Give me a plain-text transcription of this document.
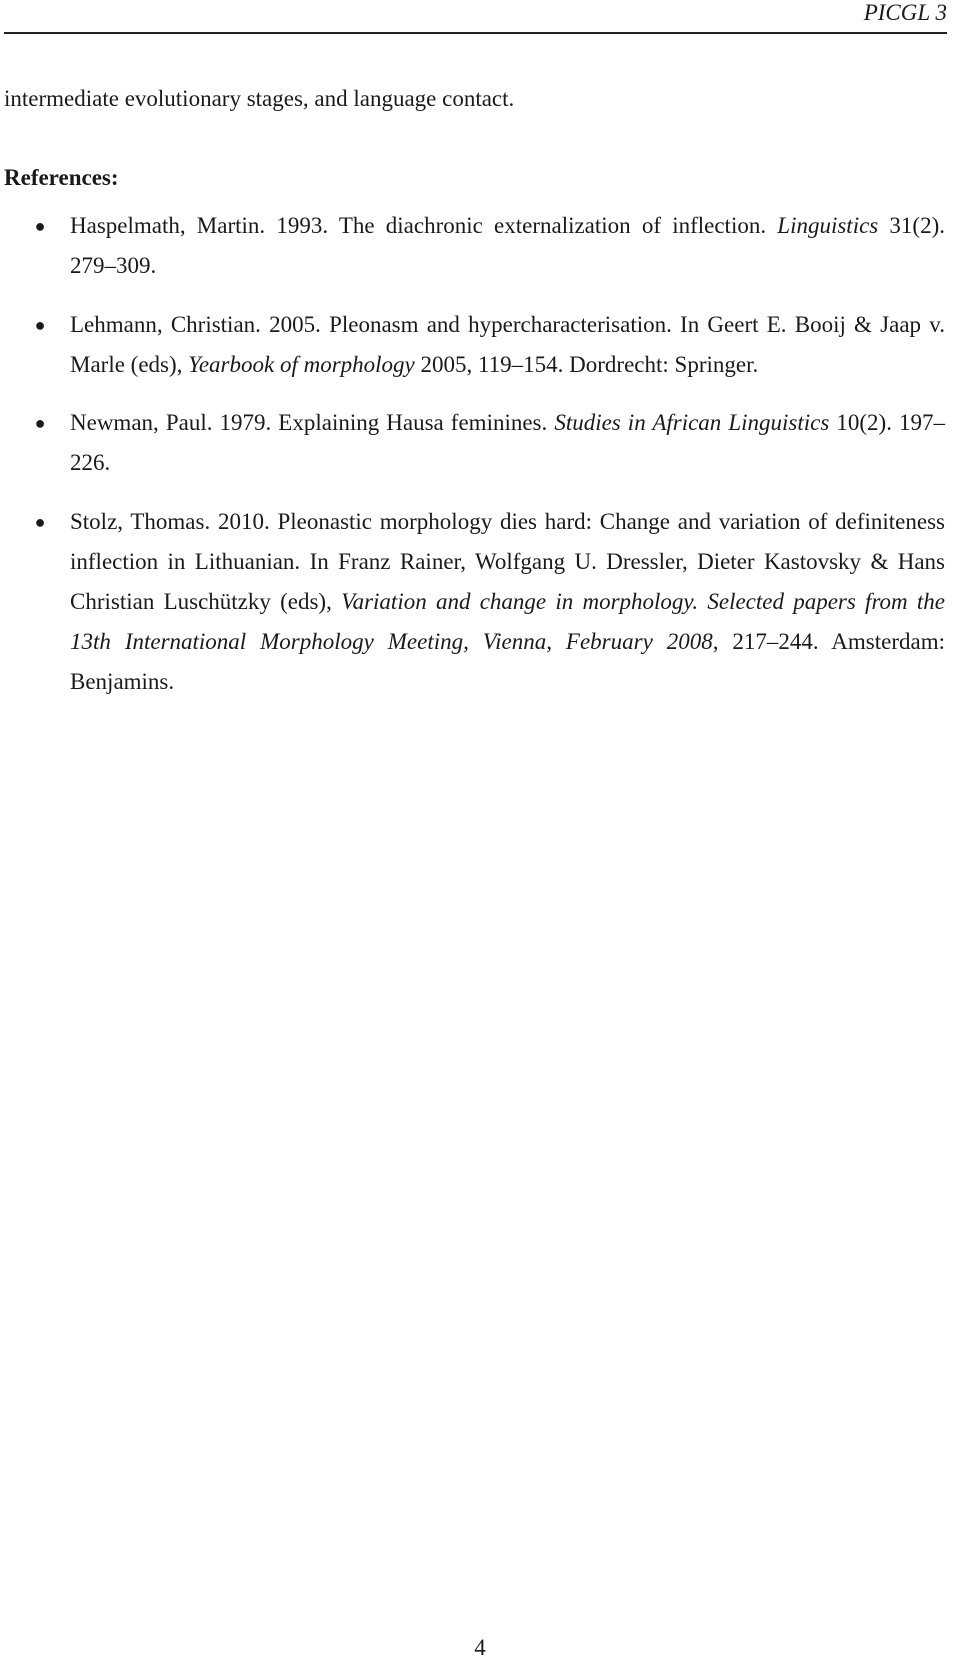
PICGL 3
intermediate evolutionary stages, and language contact.
References:
● Haspelmath, Martin. 1993. The diachronic externalization of inflection. Linguistics 31(2). 279–309.
● Lehmann, Christian. 2005. Pleonasm and hypercharacterisation. In Geert E. Booij & Jaap v. Marle (eds), Yearbook of morphology 2005, 119–154. Dordrecht: Springer.
● Newman, Paul. 1979. Explaining Hausa feminines. Studies in African Linguistics 10(2). 197–226.
● Stolz, Thomas. 2010. Pleonastic morphology dies hard: Change and variation of definiteness inflection in Lithuanian. In Franz Rainer, Wolfgang U. Dressler, Dieter Kastovsky & Hans Christian Luschützky (eds), Variation and change in morphology. Selected papers from the 13th International Morphology Meeting, Vienna, February 2008, 217–244. Amsterdam: Benjamins.
4
